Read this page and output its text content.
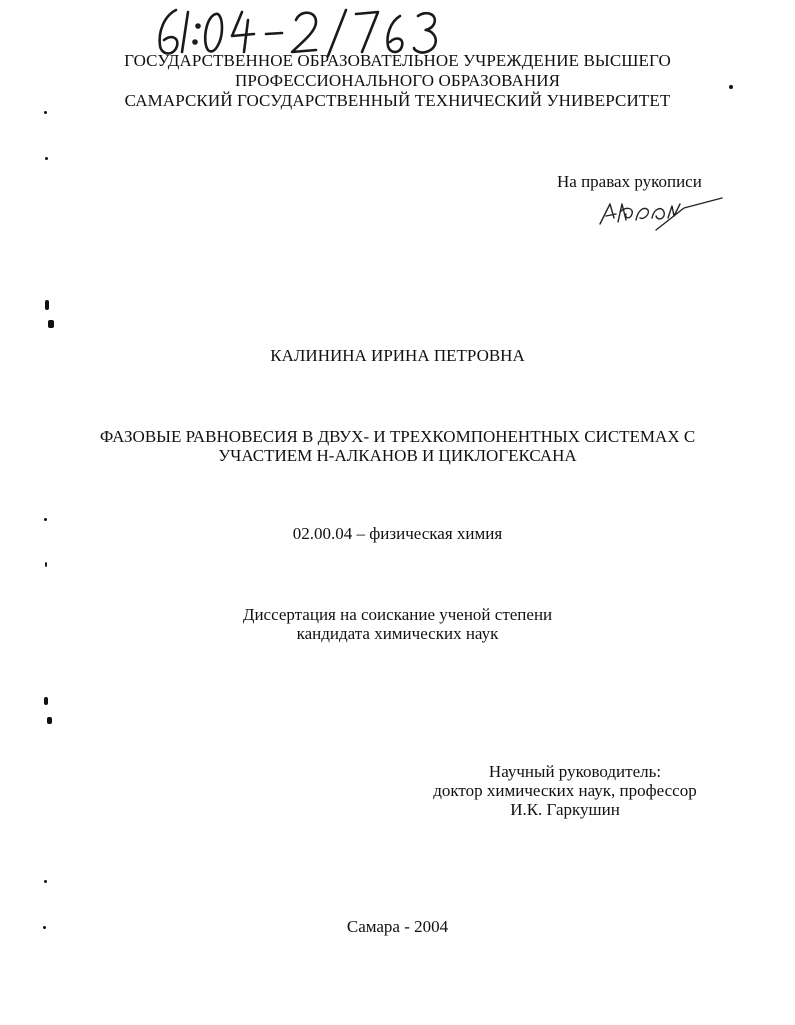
ГОСУДАРСТВЕННОЕ ОБРАЗОВАТЕЛЬНОЕ УЧРЕЖДЕНИЕ ВЫСШЕГО
ПРОФЕССИОНАЛЬНОГО ОБРАЗОВАНИЯ
САМАРСКИЙ ГОСУДАРСТВЕННЫЙ ТЕХНИЧЕСКИЙ УНИВЕРСИТЕТ
На правах рукописи
КАЛИНИНА ИРИНА ПЕТРОВНА
ФАЗОВЫЕ РАВНОВЕСИЯ В ДВУХ- И ТРЕХКОМПОНЕНТНЫХ СИСТЕМАХ С
УЧАСТИЕМ Н-АЛКАНОВ И ЦИКЛОГЕКСАНА
02.00.04 – физическая химия
Диссертация на соискание ученой степени
кандидата химических наук
Научный руководитель:
доктор химических наук, профессор
И.К. Гаркушин
Самара - 2004
